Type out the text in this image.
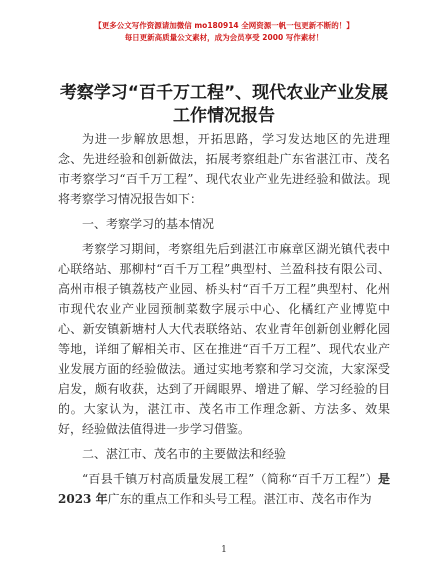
【更多公文写作资源请加微信 mo180914 全网资源一帆一包更新不断的！】
每日更新高质量公文素材，成为会员享受 2000 写作素材！
考察学习“百千万工程”、现代农业产业发展
工作情况报告

为进一步解放思想，开拓思路，学习发达地区的先进理念、先进经验和创新做法，拓展考察组赴广东省湛江市、茂名市考察学习“百千万工程”、现代农业产业先进经验和做法。现将考察学习情况报告如下：

一、考察学习的基本情况

考察学习期间，考察组先后到湛江市麻章区湖光镇代表中心联络站、那柳村“百千万工程”典型村、兰盈科技有限公司、高州市根子镇荔枝产业园、桥头村“百千万工程”典型村、化州市现代农业产业园预制菜数字展示中心、化橘红产业博览中心、新安镇新塘村人大代表联络站、农业青年创新创业孵化园等地，详细了解相关市、区在推进“百千万工程”、现代农业产业发展方面的经验做法。通过实地考察和学习交流，大家深受启发，颇有收获，达到了开阔眼界、增进了解、学习经验的目的。大家认为，湛江市、茂名市工作理念新、方法多、效果好，经验做法值得进一步学习借鉴。

二、湛江市、茂名市的主要做法和经验

“百县千镇万村高质量发展工程”（简称“百千万工程”）是 2023 年广东的重点工作和头号工程。湛江市、茂名市作为

1
